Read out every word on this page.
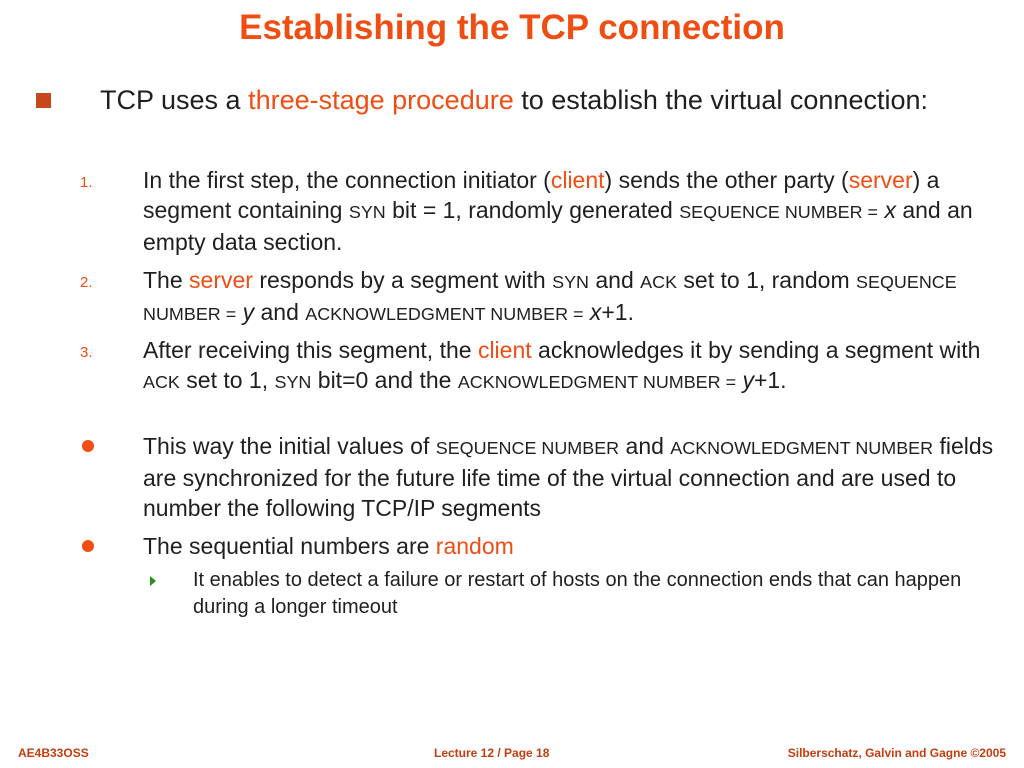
Establishing the TCP connection
TCP uses a three-stage procedure to establish the virtual connection:
1. In the first step, the connection initiator (client) sends the other party (server) a segment containing SYN bit = 1, randomly generated SEQUENCE NUMBER = x and an empty data section.
2. The server responds by a segment with SYN and ACK set to 1, random SEQUENCE NUMBER = y and ACKNOWLEDGMENT NUMBER = x+1.
3. After receiving this segment, the client acknowledges it by sending a segment with ACK set to 1, SYN bit=0 and the ACKNOWLEDGMENT NUMBER = y+1.
This way the initial values of SEQUENCE NUMBER and ACKNOWLEDGMENT NUMBER fields are synchronized for the future life time of the virtual connection and are used to number the following TCP/IP segments
The sequential numbers are random
It enables to detect a failure or restart of hosts on the connection ends that can happen during a longer timeout
AE4B33OSS	Lecture 12 / Page 18	Silberschatz, Galvin and Gagne ©2005
